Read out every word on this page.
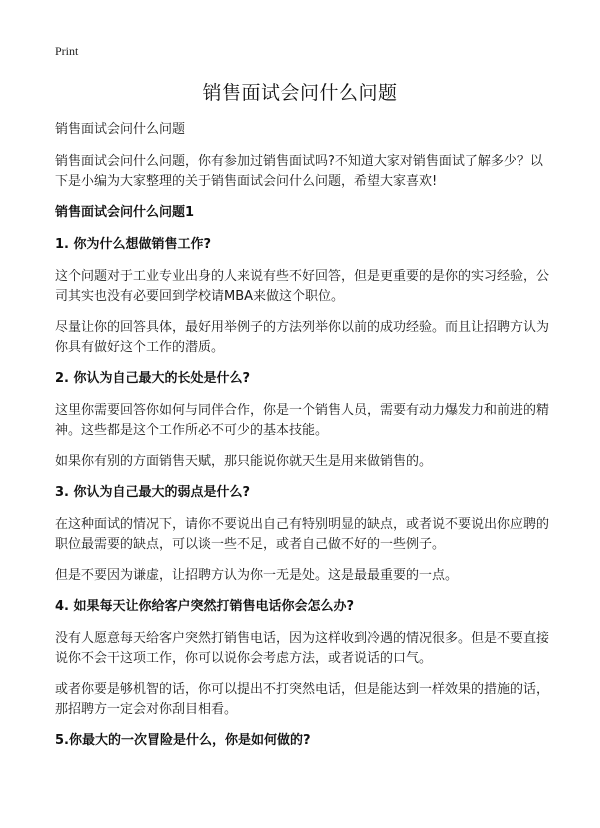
Print
销售面试会问什么问题

销售面试会问什么问题

销售面试会问什么问题，你有参加过销售面试吗?不知道大家对销售面试了解多少？以下是小编为大家整理的关于销售面试会问什么问题，希望大家喜欢!

销售面试会问什么问题1

1. 你为什么想做销售工作?

这个问题对于工业专业出身的人来说有些不好回答，但是更重要的是你的实习经验，公司其实也没有必要回到学校请MBA来做这个职位。

尽量让你的回答具体，最好用举例子的方法列举你以前的成功经验。而且让招聘方认为你具有做好这个工作的潜质。

2. 你认为自己最大的长处是什么?

这里你需要回答你如何与同伴合作，你是一个销售人员，需要有动力爆发力和前进的精神。这些都是这个工作所必不可少的基本技能。

如果你有别的方面销售天赋，那只能说你就天生是用来做销售的。

3. 你认为自己最大的弱点是什么?

在这种面试的情况下，请你不要说出自己有特别明显的缺点，或者说不要说出你应聘的职位最需要的缺点，可以谈一些不足，或者自己做不好的一些例子。

但是不要因为谦虚，让招聘方认为你一无是处。这是最最重要的一点。

4. 如果每天让你给客户突然打销售电话你会怎么办?

没有人愿意每天给客户突然打销售电话，因为这样收到冷遇的情况很多。但是不要直接说你不会干这项工作，你可以说你会考虑方法，或者说话的口气。

或者你要是够机智的话，你可以提出不打突然电话，但是能达到一样效果的措施的话，那招聘方一定会对你刮目相看。

5.你最大的一次冒险是什么，你是如何做的?
